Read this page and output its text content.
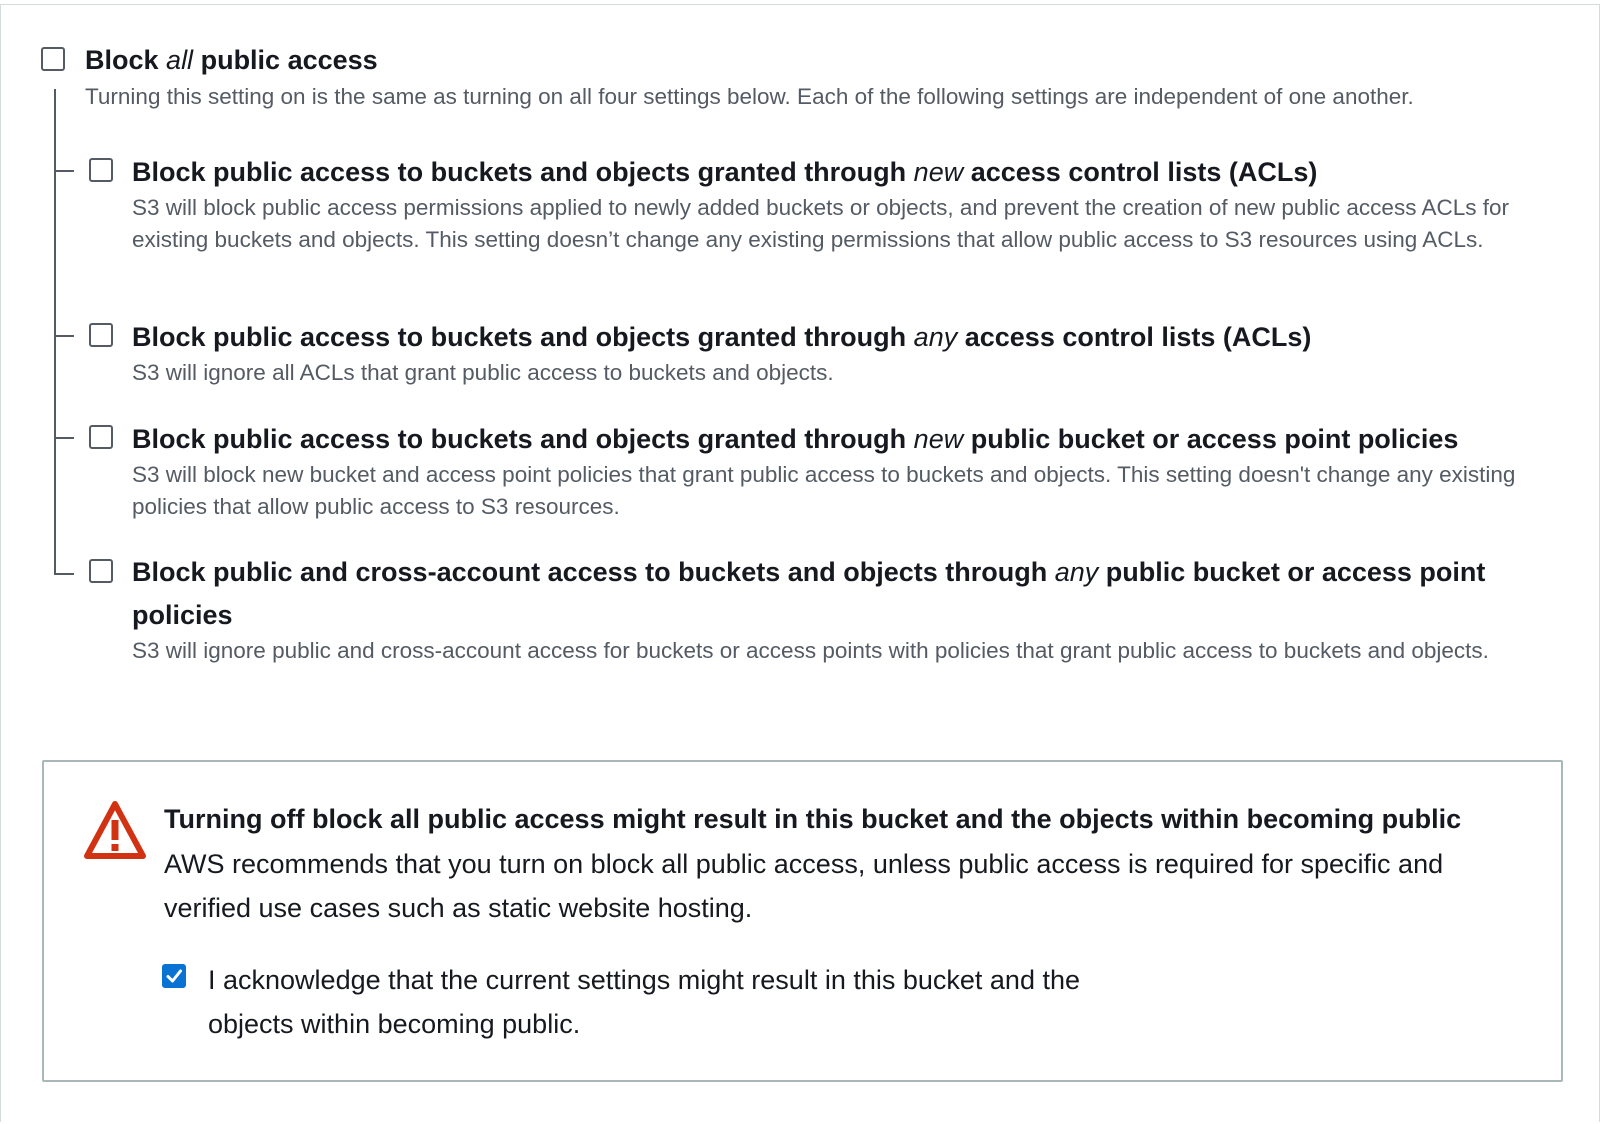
Block all public access
Turning this setting on is the same as turning on all four settings below. Each of the following settings are independent of one another.
Block public access to buckets and objects granted through new access control lists (ACLs)
S3 will block public access permissions applied to newly added buckets or objects, and prevent the creation of new public access ACLs for existing buckets and objects. This setting doesn’t change any existing permissions that allow public access to S3 resources using ACLs.
Block public access to buckets and objects granted through any access control lists (ACLs)
S3 will ignore all ACLs that grant public access to buckets and objects.
Block public access to buckets and objects granted through new public bucket or access point policies
S3 will block new bucket and access point policies that grant public access to buckets and objects. This setting doesn't change any existing policies that allow public access to S3 resources.
Block public and cross-account access to buckets and objects through any public bucket or access point
policies
S3 will ignore public and cross-account access for buckets or access points with policies that grant public access to buckets and objects.
Turning off block all public access might result in this bucket and the objects within becoming public
AWS recommends that you turn on block all public access, unless public access is required for specific and verified use cases such as static website hosting.
I acknowledge that the current settings might result in this bucket and the objects within becoming public.
